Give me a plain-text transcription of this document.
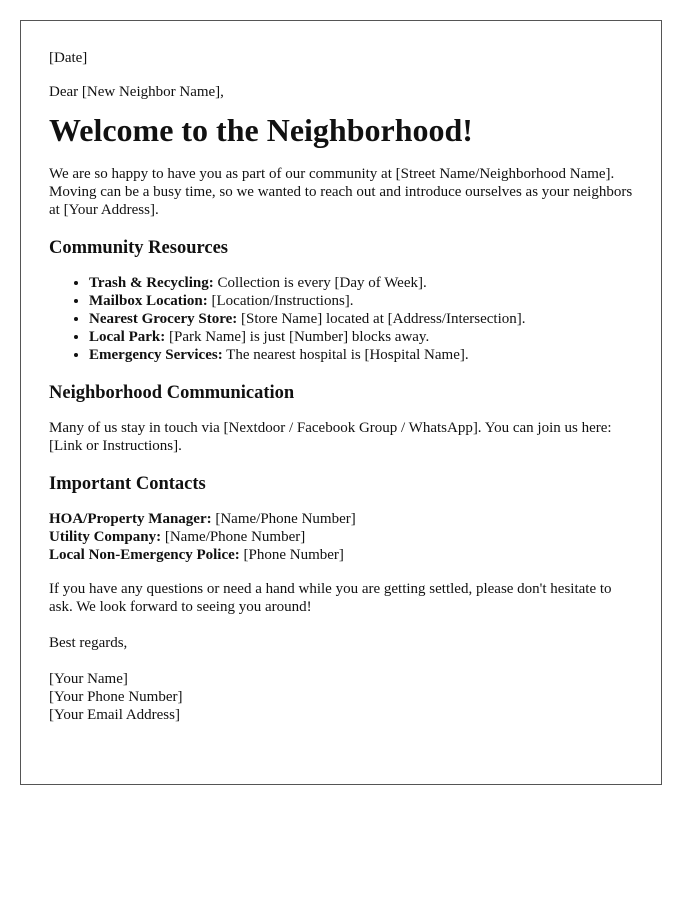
[Date]

Dear [New Neighbor Name],

Welcome to the Neighborhood!

We are so happy to have you as part of our community at [Street Name/Neighborhood Name]. Moving can be a busy time, so we wanted to reach out and introduce ourselves as your neighbors at [Your Address].

Community Resources
• Trash & Recycling: Collection is every [Day of Week].
• Mailbox Location: [Location/Instructions].
• Nearest Grocery Store: [Store Name] located at [Address/Intersection].
• Local Park: [Park Name] is just [Number] blocks away.
• Emergency Services: The nearest hospital is [Hospital Name].
Neighborhood Communication

Many of us stay in touch via [Nextdoor / Facebook Group / WhatsApp]. You can join us here: [Link or Instructions].

Important Contacts
HOA/Property Manager: [Name/Phone Number]
Utility Company: [Name/Phone Number]
Local Non-Emergency Police: [Phone Number]

If you have any questions or need a hand while you are getting settled, please don't hesitate to ask. We look forward to seeing you around!

Best regards,

[Your Name]
[Your Phone Number]
[Your Email Address]
